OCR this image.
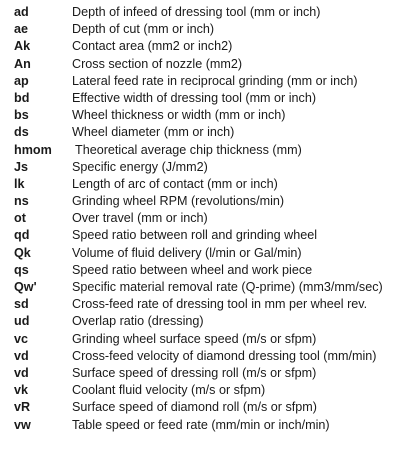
ad	Depth of infeed of dressing tool (mm or inch)
ae	Depth of cut (mm or inch)
Ak	Contact area (mm2 or inch2)
An	Cross section of nozzle (mm2)
ap	Lateral feed rate in reciprocal grinding (mm or inch)
bd	Effective width of dressing tool (mm or inch)
bs	Wheel thickness or width (mm or inch)
ds	Wheel diameter (mm or inch)
hmom Theoretical average chip thickness (mm)
Js	Specific energy (J/mm2)
lk	Length of arc of contact (mm or inch)
ns	Grinding wheel RPM (revolutions/min)
ot	Over travel (mm or inch)
qd	Speed ratio between roll and grinding wheel
Qk	Volume of fluid delivery (l/min or Gal/min)
qs	Speed ratio between wheel and work piece
Qw'	Specific material removal rate (Q-prime) (mm3/mm/sec)
sd	Cross-feed rate of dressing tool in mm per wheel rev.
ud	Overlap ratio (dressing)
vc	Grinding wheel surface speed (m/s or sfpm)
vd	Cross-feed velocity of diamond dressing tool (mm/min)
vd	Surface speed of dressing roll (m/s or sfpm)
vk	Coolant fluid velocity (m/s or sfpm)
vR	Surface speed of diamond roll (m/s or sfpm)
vw	Table speed or feed rate (mm/min or inch/min)
